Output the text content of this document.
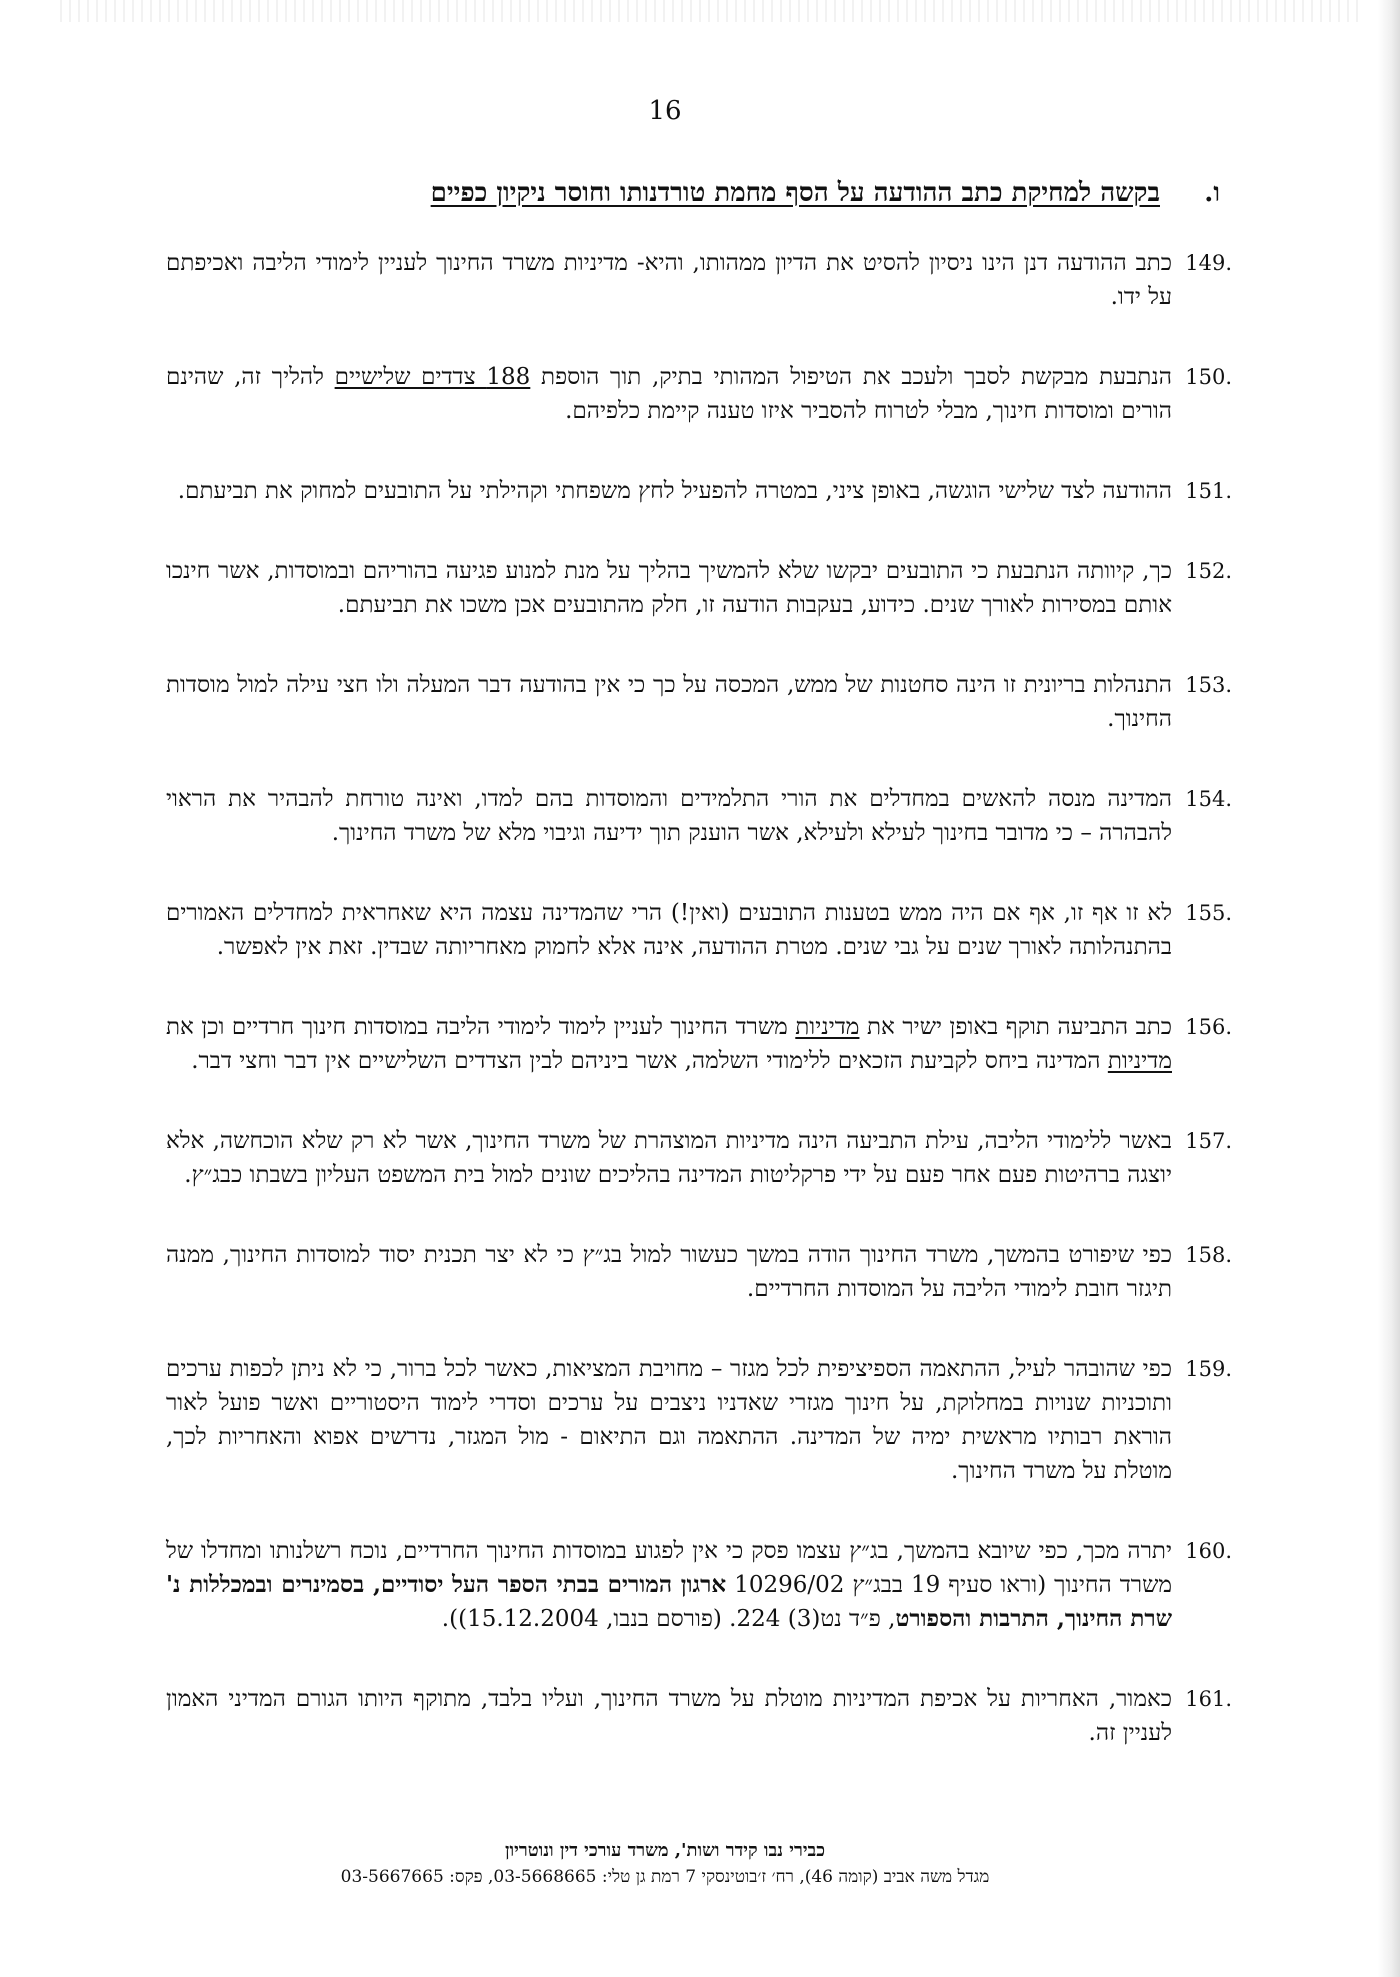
16
ו.
בקשה למחיקת כתב ההודעה על הסף מחמת טורדנותו וחוסר ניקיון כפיים
.149
כתב ההודעה דנן הינו ניסיון להסיט את הדיון ממהותו, והיא- מדיניות משרד החינוך לעניין לימודי הליבה ואכיפתם על ידו.
.150
הנתבעת מבקשת לסבך ולעכב את הטיפול המהותי בתיק, תוך הוספת 188 צדדים שלישיים להליך זה, שהינם הורים ומוסדות חינוך, מבלי לטרוח להסביר איזו טענה קיימת כלפיהם.
.151
ההודעה לצד שלישי הוגשה, באופן ציני, במטרה להפעיל לחץ משפחתי וקהילתי על התובעים למחוק את תביעתם.
.152
כך, קיוותה הנתבעת כי התובעים יבקשו שלא להמשיך בהליך על מנת למנוע פגיעה בהוריהם ובמוסדות, אשר חינכו אותם במסירות לאורך שנים. כידוע, בעקבות הודעה זו, חלק מהתובעים אכן משכו את תביעתם.
.153
התנהלות בריונית זו הינה סחטנות של ממש, המכסה על כך כי אין בהודעה דבר המעלה ולו חצי עילה למול מוסדות החינוך.
.154
המדינה מנסה להאשים במחדלים את הורי התלמידים והמוסדות בהם למדו, ואינה טורחת להבהיר את הראוי להבהרה – כי מדובר בחינוך לעילא ולעילא, אשר הוענק תוך ידיעה וגיבוי מלא של משרד החינוך.
.155
לא זו אף זו, אף אם היה ממש בטענות התובעים (ואין!) הרי שהמדינה עצמה היא שאחראית למחדלים האמורים בהתנהלותה לאורך שנים על גבי שנים. מטרת ההודעה, אינה אלא לחמוק מאחריותה שבדין. זאת אין לאפשר.
.156
כתב התביעה תוקף באופן ישיר את מדיניות משרד החינוך לעניין לימוד לימודי הליבה במוסדות חינוך חרדיים וכן את מדיניות המדינה ביחס לקביעת הזכאים ללימודי השלמה, אשר ביניהם לבין הצדדים השלישיים אין דבר וחצי דבר.
.157
באשר ללימודי הליבה, עילת התביעה הינה מדיניות המוצהרת של משרד החינוך, אשר לא רק שלא הוכחשה, אלא יוצגה ברהיטות פעם אחר פעם על ידי פרקליטות המדינה בהליכים שונים למול בית המשפט העליון בשבתו כבג״ץ.
.158
כפי שיפורט בהמשך, משרד החינוך הודה במשך כעשור למול בג״ץ כי לא יצר תכנית יסוד למוסדות החינוך, ממנה תיגזר חובת לימודי הליבה על המוסדות החרדיים.
.159
כפי שהובהר לעיל, ההתאמה הספיציפית לכל מגזר – מחויבת המציאות, כאשר לכל ברור, כי לא ניתן לכפות ערכים ותוכניות שנויות במחלוקת, על חינוך מגזרי שאדניו ניצבים על ערכים וסדרי לימוד היסטוריים ואשר פועל לאור הוראת רבותיו מראשית ימיה של המדינה. ההתאמה וגם התיאום - מול המגזר, נדרשים אפוא והאחריות לכך, מוטלת על משרד החינוך.
.160
יתרה מכך, כפי שיובא בהמשך, בג״ץ עצמו פסק כי אין לפגוע במוסדות החינוך החרדיים, נוכח רשלנותו ומחדלו של משרד החינוך (וראו סעיף 19 בבג״ץ 10296/02 ארגון המורים בבתי הספר העל יסודיים, בסמינרים ובמכללות נ' שרת החינוך, התרבות והספורט, פ״ד נט(3) 224. (פורסם בנבו, 15.12.2004)).
.161
כאמור, האחריות על אכיפת המדיניות מוטלת על משרד החינוך, ועליו בלבד, מתוקף היותו הגורם המדיני האמון לעניין זה.
כבירי נבו קידר ושות', משרד עורכי דין ונוטריון
מגדל משה אביב (קומה 46), רח׳ ז׳בוטינסקי 7 רמת גן טלי: 03-5668665, פקס: 03-5667665
